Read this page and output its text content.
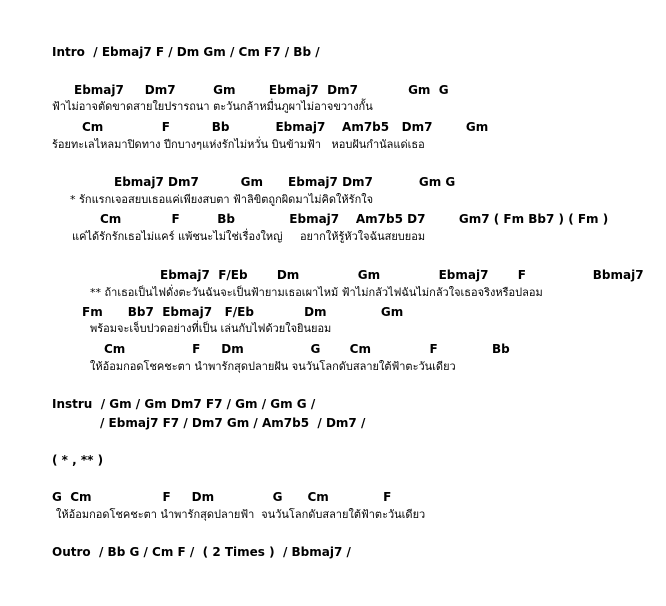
Intro  / Ebmaj7 F / Dm Gm / Cm F7 / Bb /
Ebmaj7     Dm7         Gm        Ebmaj7  Dm7            Gm  G
ฟ้าไม่อาจตัดขาดสายใยปรารถนา ตะวันกล้าหมื่นภูผาไม่อาจขวางกั้น
Cm              F          Bb           Ebmaj7    Am7b5   Dm7        Gm
ร้อยทะเลไหลมาปิดทาง ปีกบางๆแห่งรักไม่หวั่น บินข้ามฟ้า   หอบฝันกำนัลแด่เธอ
Ebmaj7 Dm7          Gm      Ebmaj7 Dm7           Gm G
* รักแรกเจอสยบเธอแค่เพียงสบตา ฟ้าลิขิตถูกผิดมาไม่คิดให้รักใจ
Cm            F         Bb             Ebmaj7    Am7b5 D7        Gm7 ( Fm Bb7 ) ( Fm )
แค่ได้รักรักเธอไม่แคร์ แพ้ชนะไม่ใช่เรื่องใหญ่     อยากให้รู้หัวใจฉันสยบยอม
Ebmaj7  F/Eb       Dm              Gm              Ebmaj7       F                Bbmaj7
** ถ้าเธอเป็นไฟดั่งตะวันฉันจะเป็นฟ้ายามเธอเผาไหม้ ฟ้าไม่กลัวไฟฉันไม่กลัวใจเธอจริงหรือปลอม
Fm      Bb7  Ebmaj7   F/Eb            Dm             Gm
พร้อมจะเจ็บปวดอย่างที่เป็น เล่นกับไฟด้วยใจยินยอม
Cm                F     Dm                G       Cm              F             Bb
ให้อ้อมกอดโชคชะตา นำพารักสุดปลายฝัน จนวันโลกดับสลายใต้ฟ้าตะวันเดียว
Instru  / Gm / Gm Dm7 F7 / Gm / Gm G /
/ Ebmaj7 F7 / Dm7 Gm / Am7b5  / Dm7 /
( * , ** )
G  Cm                 F     Dm              G      Cm             F
ให้อ้อมกอดโชคชะตา นำพารักสุดปลายฟ้า  จนวันโลกดับสลายใต้ฟ้าตะวันเดียว
Outro  / Bb G / Cm F /  ( 2 Times )  / Bbmaj7 /
